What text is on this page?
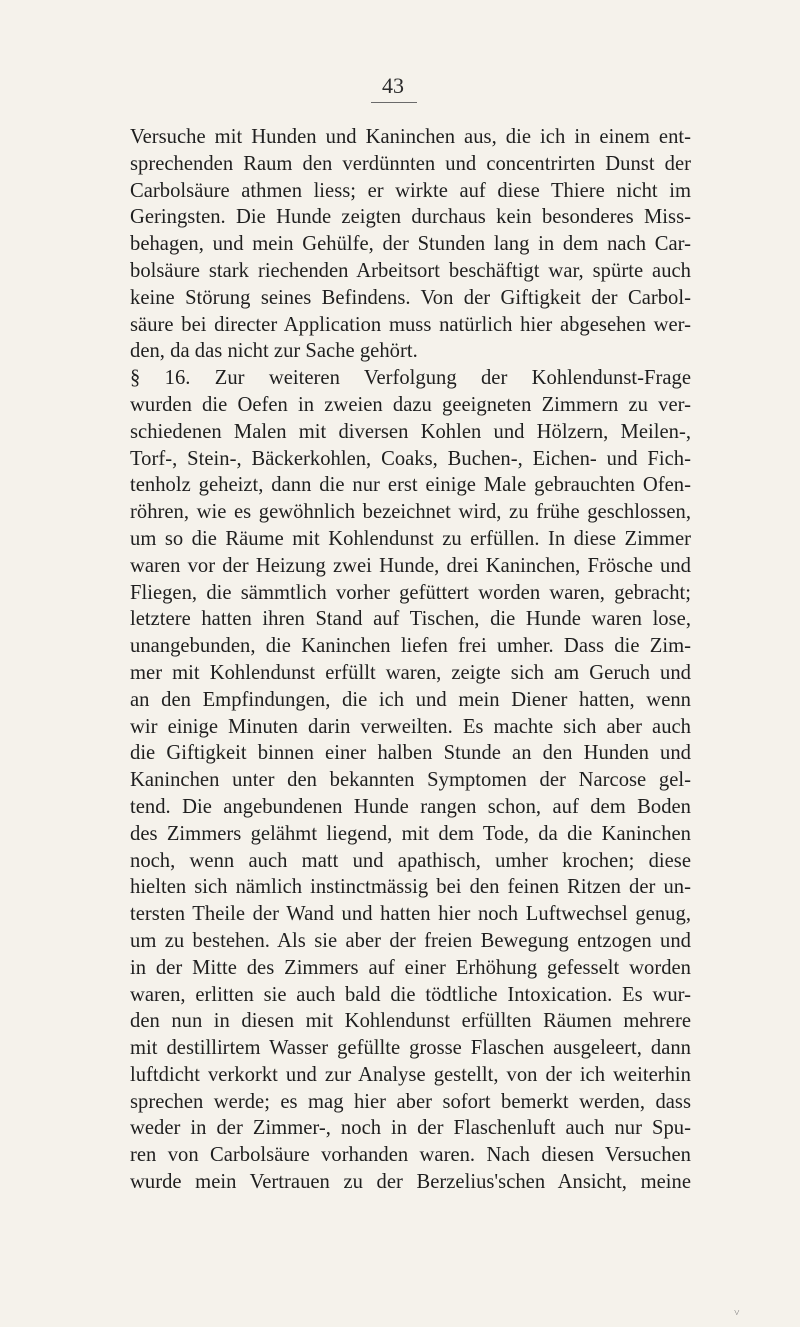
43
Versuche mit Hunden und Kaninchen aus, die ich in einem ent-
sprechenden Raum den verdünnten und concentrirten Dunst der
Carbolsäure athmen liess; er wirkte auf diese Thiere nicht im
Geringsten. Die Hunde zeigten durchaus kein besonderes Miss-
behagen, und mein Gehülfe, der Stunden lang in dem nach Car-
bolsäure stark riechenden Arbeitsort beschäftigt war, spürte auch
keine Störung seines Befindens. Von der Giftigkeit der Carbol-
säure bei directer Application muss natürlich hier abgesehen wer-
den, da das nicht zur Sache gehört.
§ 16. Zur weiteren Verfolgung der Kohlendunst-Frage
wurden die Oefen in zweien dazu geeigneten Zimmern zu ver-
schiedenen Malen mit diversen Kohlen und Hölzern, Meilen-,
Torf-, Stein-, Bäckerkohlen, Coaks, Buchen-, Eichen- und Fich-
tenholz geheizt, dann die nur erst einige Male gebrauchten Ofen-
röhren, wie es gewöhnlich bezeichnet wird, zu frühe geschlossen,
um so die Räume mit Kohlendunst zu erfüllen. In diese Zimmer
waren vor der Heizung zwei Hunde, drei Kaninchen, Frösche und
Fliegen, die sämmtlich vorher gefüttert worden waren, gebracht;
letztere hatten ihren Stand auf Tischen, die Hunde waren lose,
unangebunden, die Kaninchen liefen frei umher. Dass die Zim-
mer mit Kohlendunst erfüllt waren, zeigte sich am Geruch und
an den Empfindungen, die ich und mein Diener hatten, wenn
wir einige Minuten darin verweilten. Es machte sich aber auch
die Giftigkeit binnen einer halben Stunde an den Hunden und
Kaninchen unter den bekannten Symptomen der Narcose gel-
tend. Die angebundenen Hunde rangen schon, auf dem Boden
des Zimmers gelähmt liegend, mit dem Tode, da die Kaninchen
noch, wenn auch matt und apathisch, umher krochen; diese
hielten sich nämlich instinctmässig bei den feinen Ritzen der un-
tersten Theile der Wand und hatten hier noch Luftwechsel genug,
um zu bestehen. Als sie aber der freien Bewegung entzogen und
in der Mitte des Zimmers auf einer Erhöhung gefesselt worden
waren, erlitten sie auch bald die tödtliche Intoxication. Es wur-
den nun in diesen mit Kohlendunst erfüllten Räumen mehrere
mit destillirtem Wasser gefüllte grosse Flaschen ausgeleert, dann
luftdicht verkorkt und zur Analyse gestellt, von der ich weiterhin
sprechen werde; es mag hier aber sofort bemerkt werden, dass
weder in der Zimmer-, noch in der Flaschenluft auch nur Spu-
ren von Carbolsäure vorhanden waren. Nach diesen Versuchen
wurde mein Vertrauen zu der Berzelius'schen Ansicht, meine
˅
